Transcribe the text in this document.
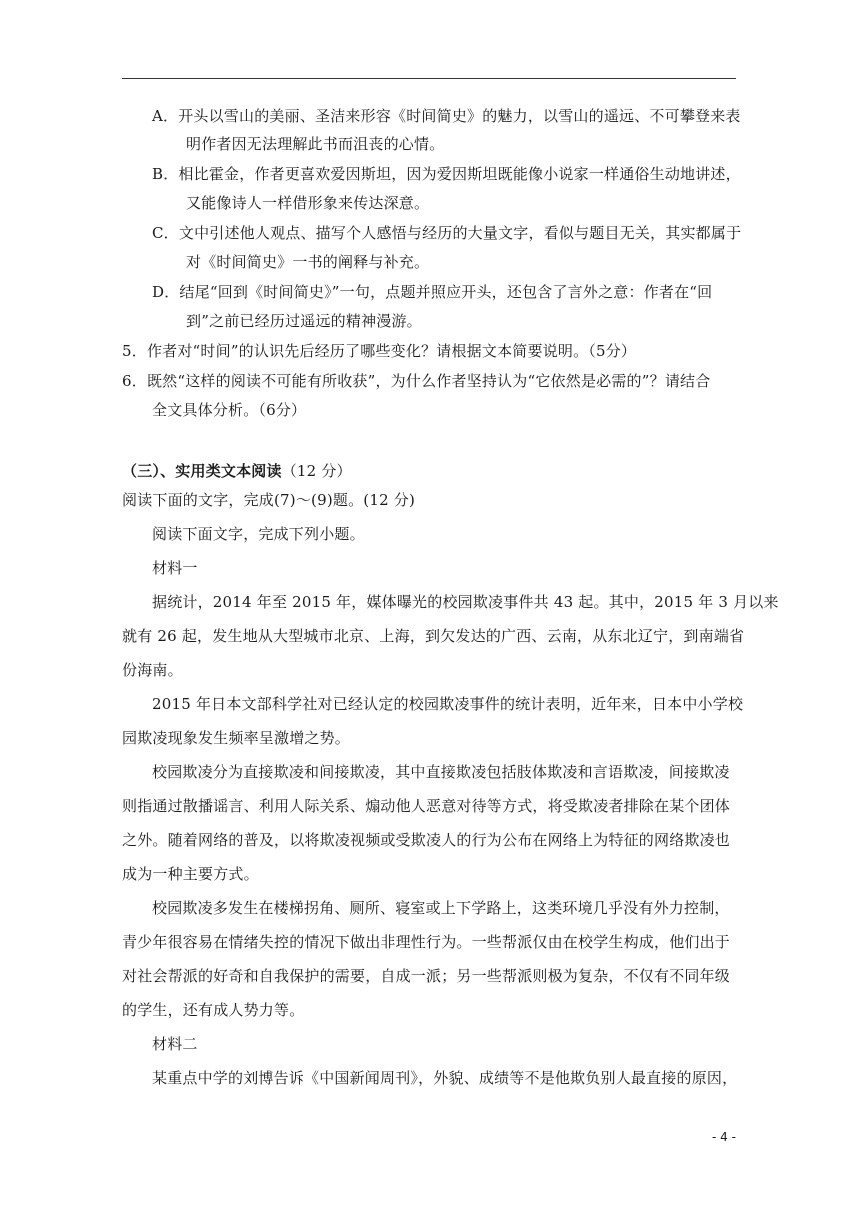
A．开头以雪山的美丽、圣洁来形容《时间简史》的魅力，以雪山的遥远、不可攀登来表
明作者因无法理解此书而沮丧的心情。
B．相比霍金，作者更喜欢爱因斯坦，因为爱因斯坦既能像小说家一样通俗生动地讲述，
又能像诗人一样借形象来传达深意。
C．文中引述他人观点、描写个人感悟与经历的大量文字，看似与题目无关，其实都属于
对《时间简史》一书的阐释与补充。
D．结尾“回到《时间简史》”一句，点题并照应开头，还包含了言外之意：作者在“回
到”之前已经历过遥远的精神漫游。
5．作者对“时间”的认识先后经历了哪些变化？请根据文本简要说明。（5分）
6．既然“这样的阅读不可能有所收获”，为什么作者坚持认为“它依然是必需的”？请结合
全文具体分析。（6分）
（三）、实用类文本阅读（12 分）
阅读下面的文字，完成(7)～(9)题。(12 分)
阅读下面文字，完成下列小题。
材料一
据统计，2014 年至 2015 年，媒体曝光的校园欺凌事件共 43 起。其中，2015 年 3 月以来
就有 26 起，发生地从大型城市北京、上海，到欠发达的广西、云南，从东北辽宁，到南端省
份海南。
2015 年日本文部科学社对已经认定的校园欺凌事件的统计表明，近年来，日本中小学校
园欺凌现象发生频率呈激增之势。
校园欺凌分为直接欺凌和间接欺凌，其中直接欺凌包括肢体欺凌和言语欺凌，间接欺凌
则指通过散播谣言、利用人际关系、煽动他人恶意对待等方式，将受欺凌者排除在某个团体
之外。随着网络的普及，以将欺凌视频或受欺凌人的行为公布在网络上为特征的网络欺凌也
成为一种主要方式。
校园欺凌多发生在楼梯拐角、厕所、寝室或上下学路上，这类环境几乎没有外力控制，
青少年很容易在情绪失控的情况下做出非理性行为。一些帮派仅由在校学生构成，他们出于
对社会帮派的好奇和自我保护的需要，自成一派；另一些帮派则极为复杂，不仅有不同年级
的学生，还有成人势力等。
材料二
某重点中学的刘博告诉《中国新闻周刊》，外貌、成绩等不是他欺负别人最直接的原因，
- 4 -
